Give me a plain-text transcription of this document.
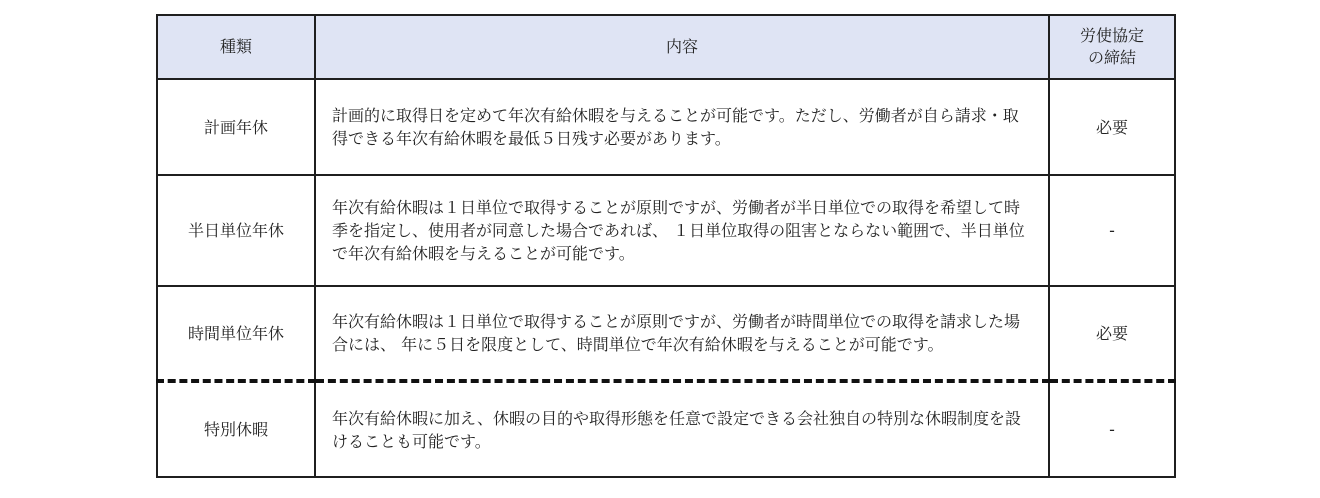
種類	内容	労使協定
の締結
計画年休	計画的に取得日を定めて年次有給休暇を与えることが可能です。ただし、労働者が自ら請求・取得できる年次有給休暇を最低５日残す必要があります。	必要
半日単位年休	年次有給休暇は１日単位で取得することが原則ですが、労働者が半日単位での取得を希望して時季を指定し、使用者が同意した場合であれば、 １日単位取得の阻害とならない範囲で、半日単位で年次有給休暇を与えることが可能です。	-
時間単位年休	年次有給休暇は１日単位で取得することが原則ですが、労働者が時間単位での取得を請求した場合には、 年に５日を限度として、時間単位で年次有給休暇を与えることが可能です。	必要
特別休暇	年次有給休暇に加え、休暇の目的や取得形態を任意で設定できる会社独自の特別な休暇制度を設けることも可能です。	-
